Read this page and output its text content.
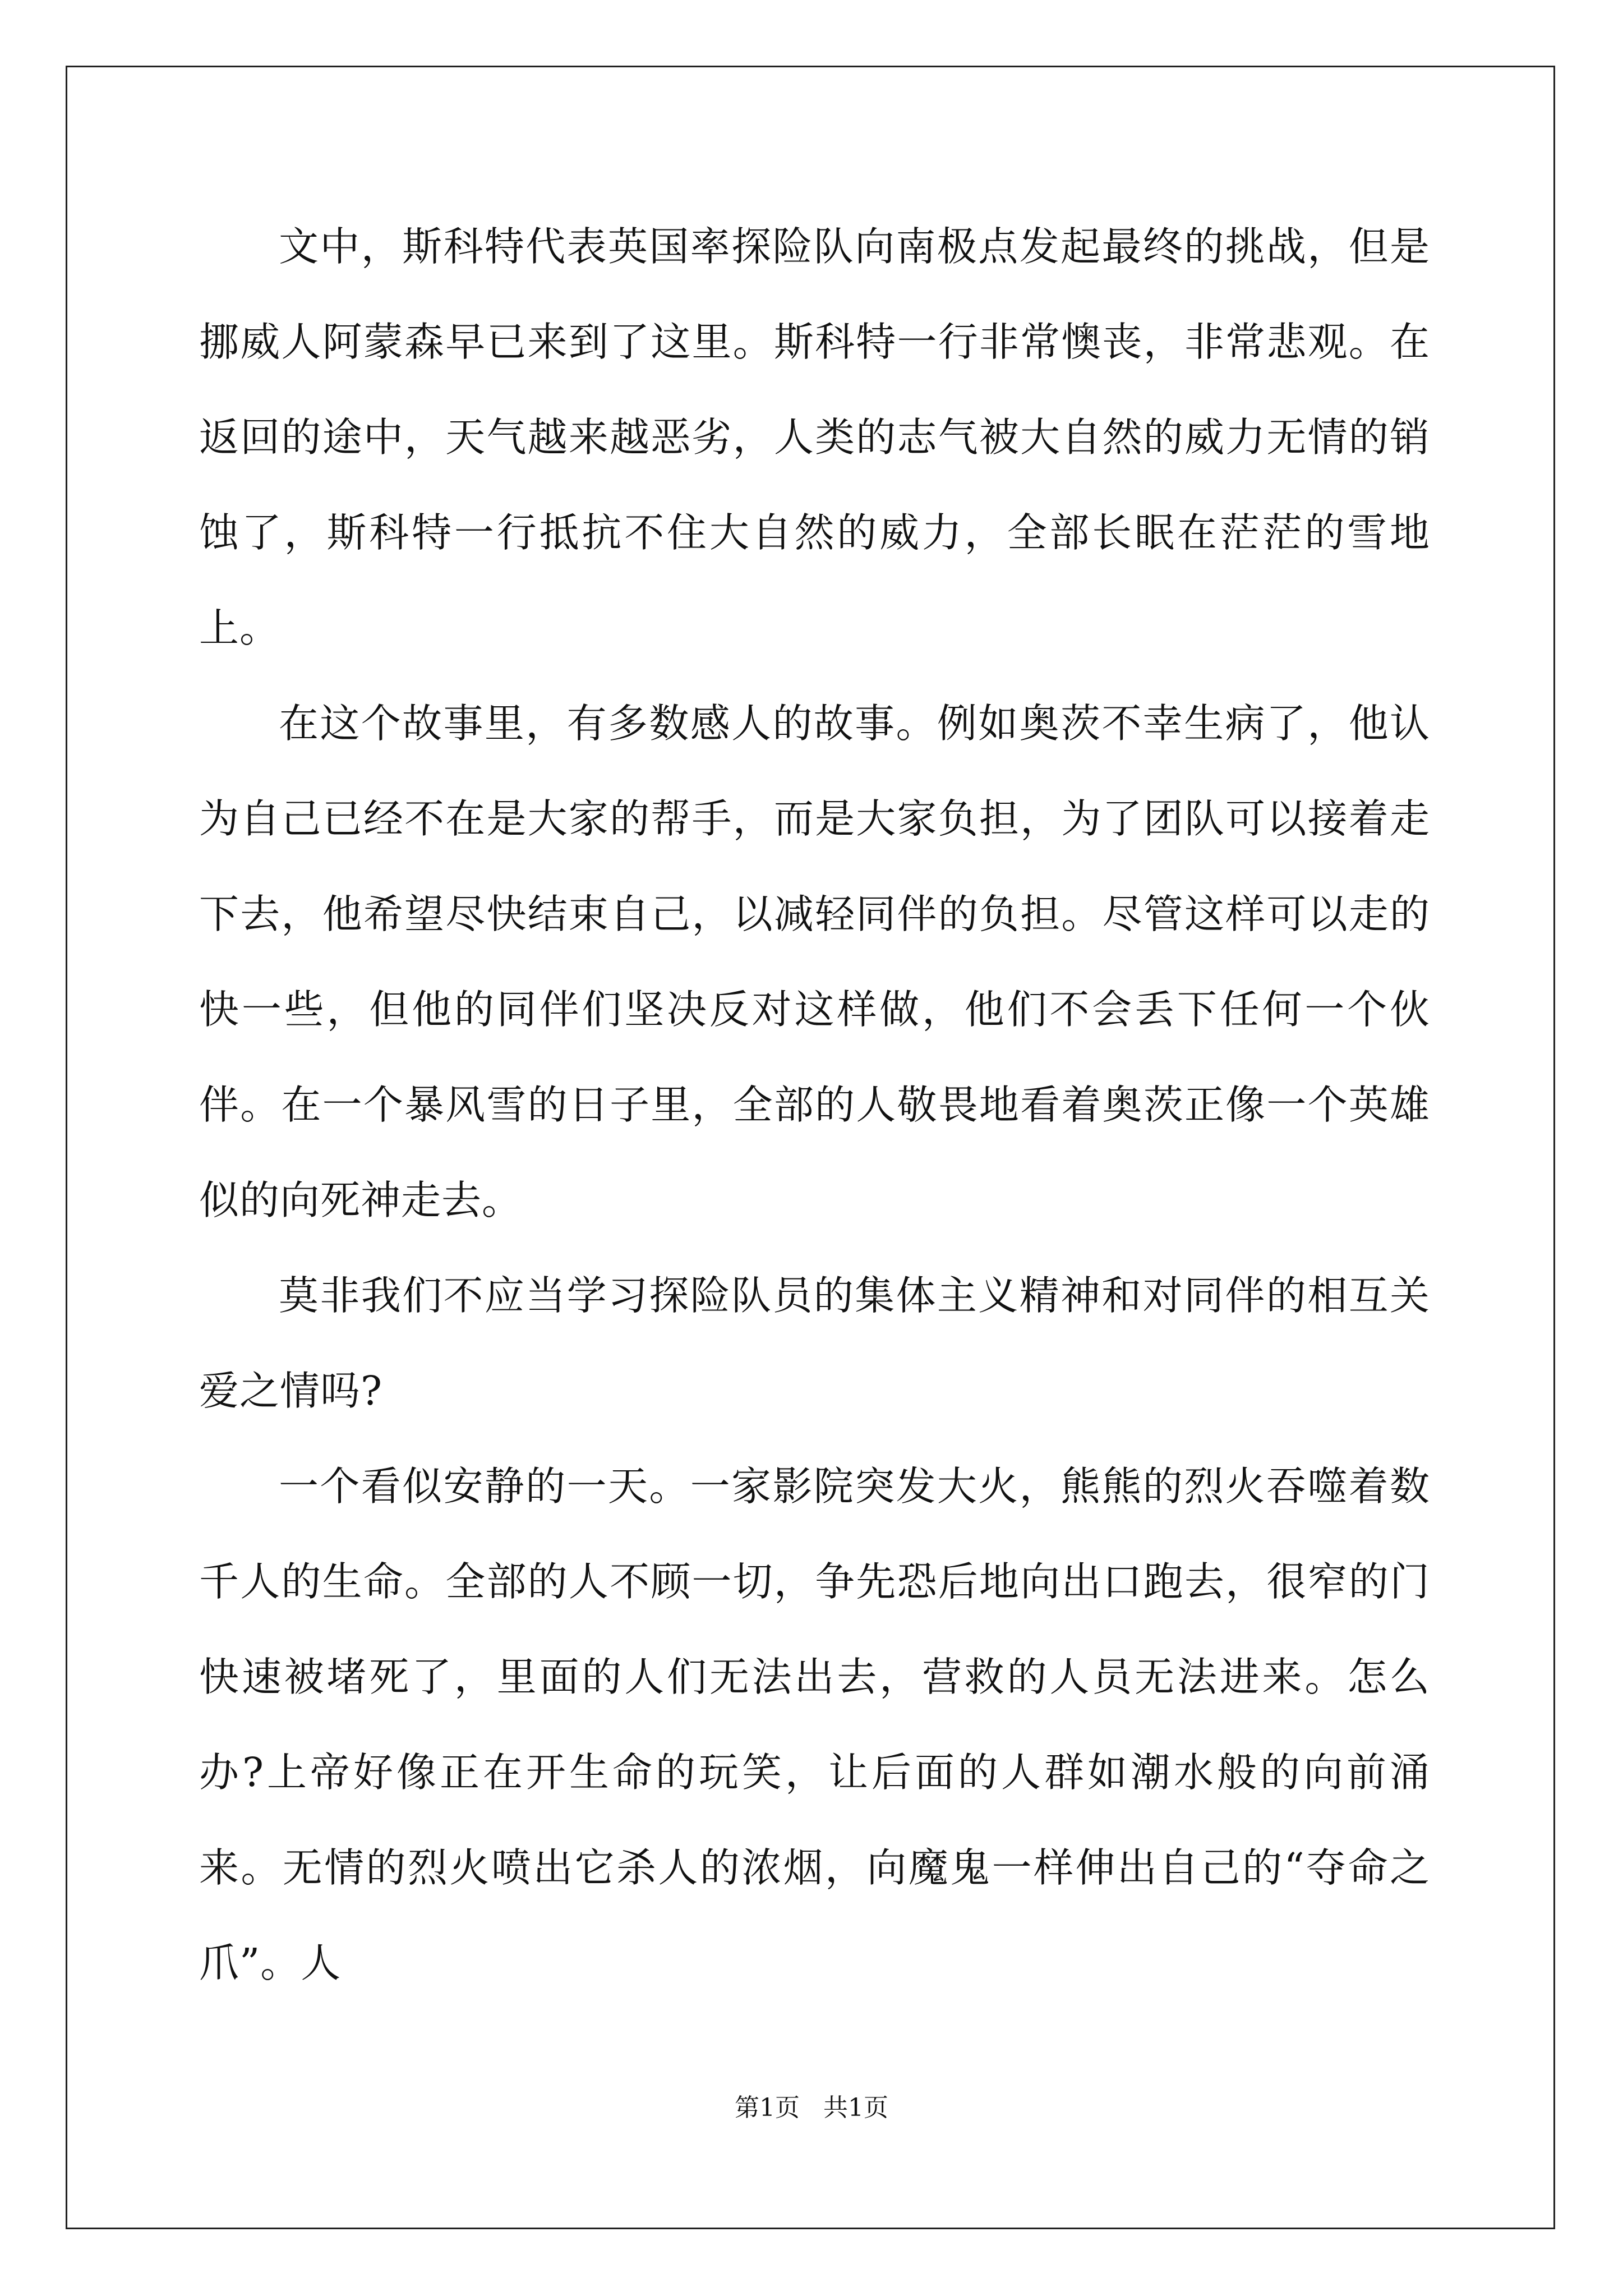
文中，斯科特代表英国率探险队向南极点发起最终的挑战，但是挪威人阿蒙森早已来到了这里。斯科特一行非常懊丧，非常悲观。在返回的途中，天气越来越恶劣，人类的志气被大自然的威力无情的销蚀了，斯科特一行抵抗不住大自然的威力，全部长眠在茫茫的雪地上。

在这个故事里，有多数感人的故事。例如奥茨不幸生病了，他认为自己已经不在是大家的帮手，而是大家负担，为了团队可以接着走下去，他希望尽快结束自己，以减轻同伴的负担。尽管这样可以走的快一些，但他的同伴们坚决反对这样做，他们不会丢下任何一个伙伴。在一个暴风雪的日子里，全部的人敬畏地看着奥茨正像一个英雄似的向死神走去。

莫非我们不应当学习探险队员的集体主义精神和对同伴的相互关爱之情吗?

一个看似安静的一天。一家影院突发大火，熊熊的烈火吞噬着数千人的生命。全部的人不顾一切，争先恐后地向出口跑去，很窄的门快速被堵死了，里面的人们无法出去，营救的人员无法进来。怎么办?上帝好像正在开生命的玩笑，让后面的人群如潮水般的向前涌来。无情的烈火喷出它杀人的浓烟，向魔鬼一样伸出自己的“夺命之爪”。人

第1页 共1页
